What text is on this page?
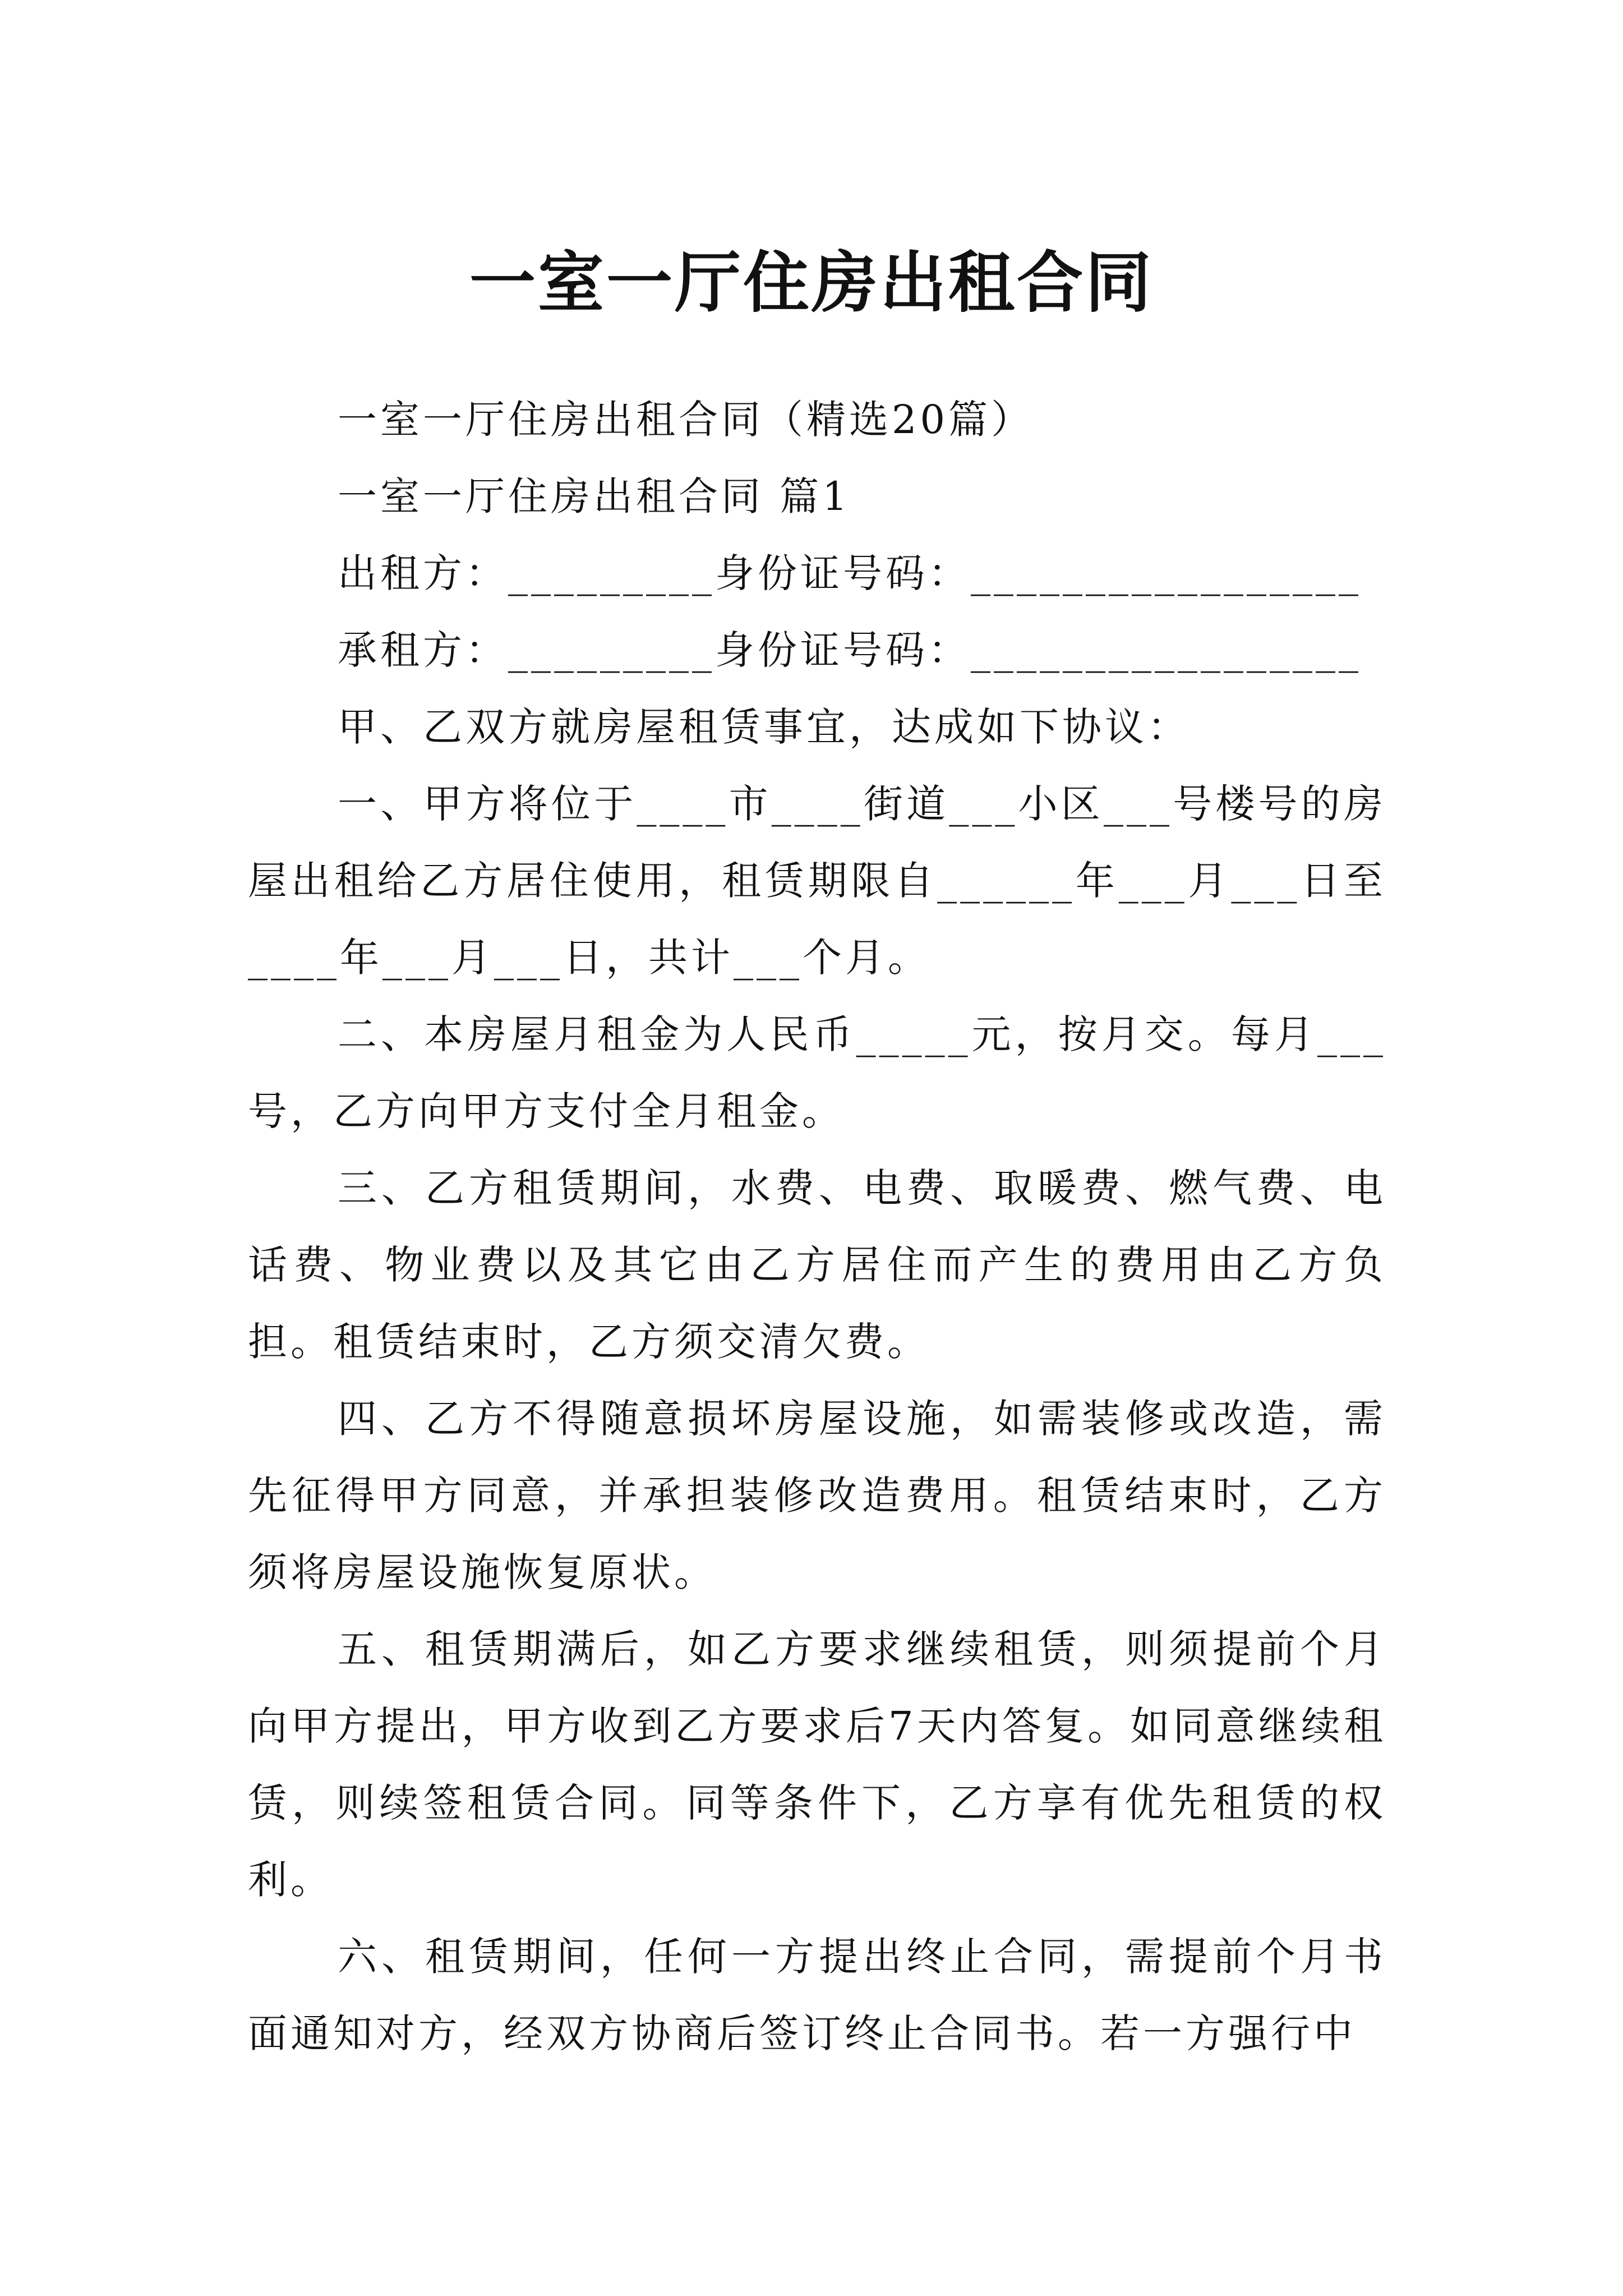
一室一厅住房出租合同

一室一厅住房出租合同（精选20篇）

一室一厅住房出租合同 篇1

出租方：_________身份证号码：_________________

承租方：_________身份证号码：_________________

甲、乙双方就房屋租赁事宜，达成如下协议：

一、甲方将位于____市____街道___小区___号楼号的房屋出租给乙方居住使用，租赁期限自______年___月___日至____年___月___日，共计___个月。

二、本房屋月租金为人民币_____元，按月交。每月___号，乙方向甲方支付全月租金。

三、乙方租赁期间，水费、电费、取暖费、燃气费、电话费、物业费以及其它由乙方居住而产生的费用由乙方负担。租赁结束时，乙方须交清欠费。

四、乙方不得随意损坏房屋设施，如需装修或改造，需先征得甲方同意，并承担装修改造费用。租赁结束时，乙方须将房屋设施恢复原状。

五、租赁期满后，如乙方要求继续租赁，则须提前个月向甲方提出，甲方收到乙方要求后7天内答复。如同意继续租赁，则续签租赁合同。同等条件下，乙方享有优先租赁的权利。

六、租赁期间，任何一方提出终止合同，需提前个月书面通知对方，经双方协商后签订终止合同书。若一方强行中
